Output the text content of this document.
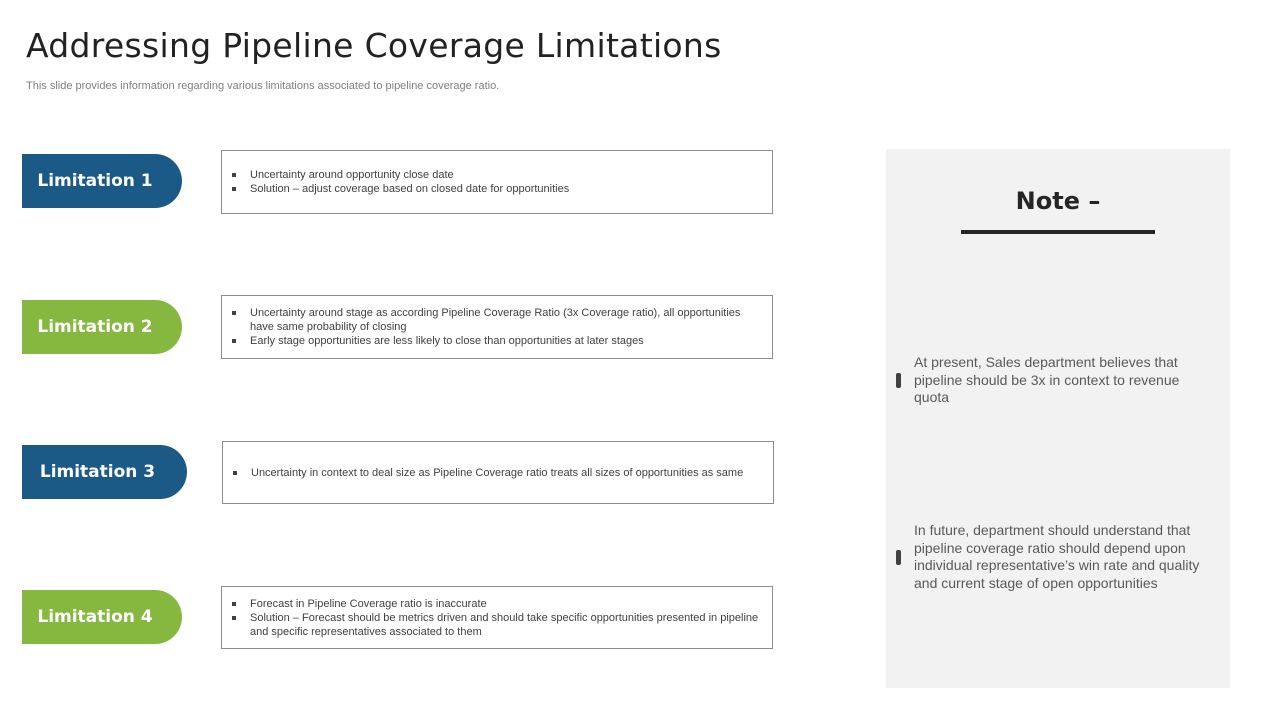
Addressing Pipeline Coverage Limitations
This slide provides information regarding various limitations associated to pipeline coverage ratio.
Limitation 1	Uncertainty around opportunity close date
Solution – adjust coverage based on closed date for opportunities
Limitation 2
Uncertainty around stage as according Pipeline Coverage Ratio (3x Coverage ratio), all opportunities have same probability of closing
Early stage opportunities are less likely to close than opportunities at later stages
Limitation 3	Uncertainty in context to deal size as Pipeline Coverage ratio treats all sizes of opportunities as same
Limitation 4
Forecast in Pipeline Coverage ratio is inaccurate
Solution – Forecast should be metrics driven and should take specific opportunities presented in pipeline and specific representatives associated to them
Note –
At present, Sales department believes that pipeline should be 3x in context to revenue quota
In future, department should understand that pipeline coverage ratio should depend upon individual representative’s win rate and quality and current stage of open opportunities
